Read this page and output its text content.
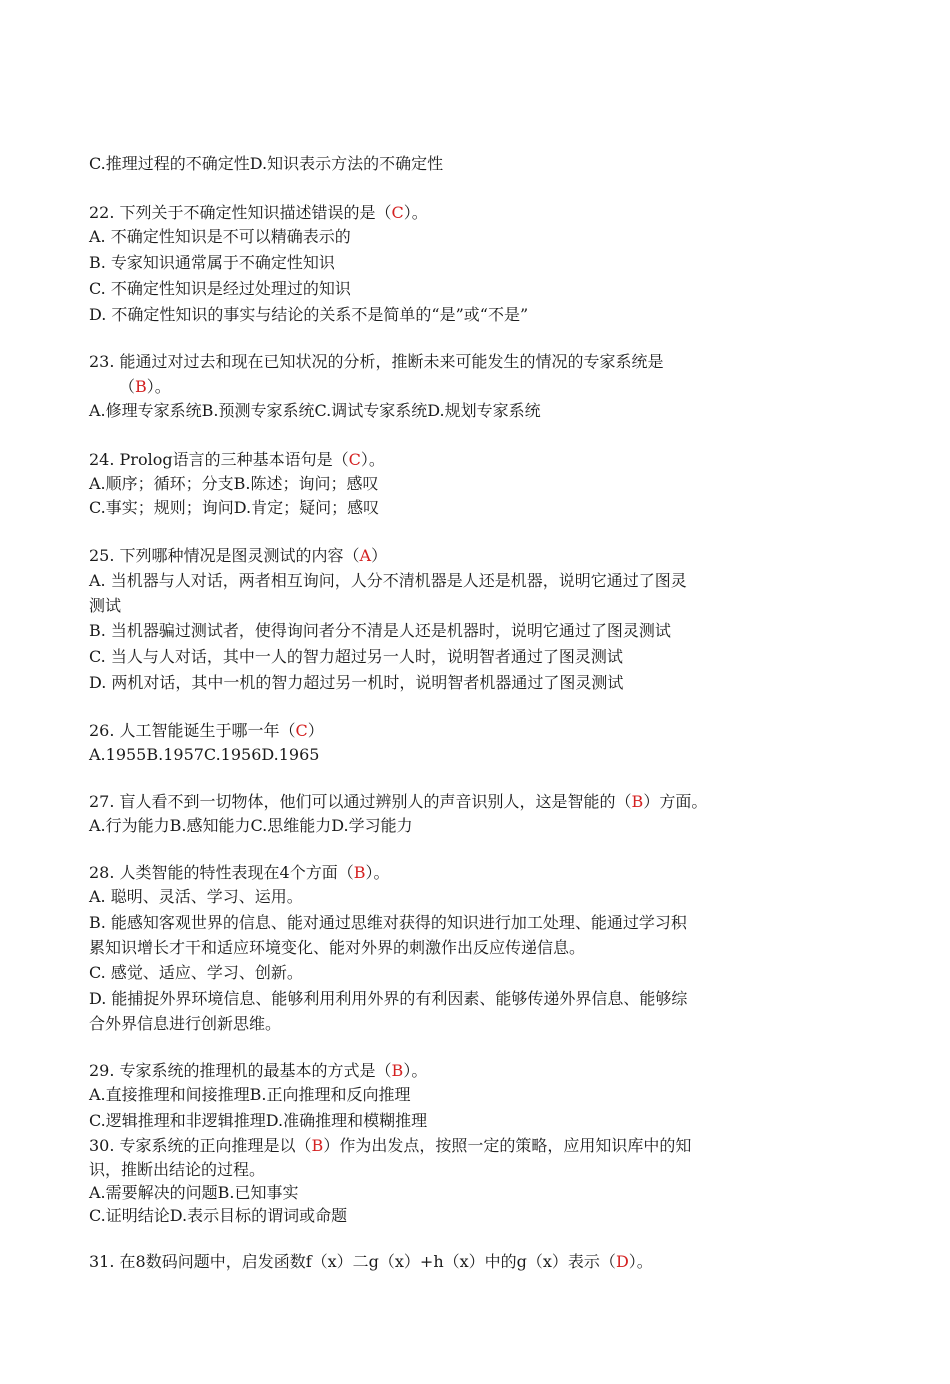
C.推理过程的不确定性D.知识表示方法的不确定性
22. 下列关于不确定性知识描述错误的是（C）。
A. 不确定性知识是不可以精确表示的
B. 专家知识通常属于不确定性知识
C. 不确定性知识是经过处理过的知识
D. 不确定性知识的事实与结论的关系不是简单的“是”或“不是”
23. 能通过对过去和现在已知状况的分析，推断未来可能发生的情况的专家系统是
（B）。
A.修理专家系统B.预测专家系统C.调试专家系统D.规划专家系统
24. Prolog语言的三种基本语句是（C）。
A.顺序；循环；分支B.陈述；询问；感叹
C.事实；规则；询问D.肯定；疑问；感叹
25. 下列哪种情况是图灵测试的内容（A）
A. 当机器与人对话，两者相互询问，人分不清机器是人还是机器，说明它通过了图灵
测试
B. 当机器骗过测试者，使得询问者分不清是人还是机器时，说明它通过了图灵测试
C. 当人与人对话，其中一人的智力超过另一人时，说明智者通过了图灵测试
D. 两机对话，其中一机的智力超过另一机时，说明智者机器通过了图灵测试
26. 人工智能诞生于哪一年（C）
A.1955B.1957C.1956D.1965
27. 盲人看不到一切物体，他们可以通过辨别人的声音识别人，这是智能的（B）方面。
A.行为能力B.感知能力C.思维能力D.学习能力
28. 人类智能的特性表现在4个方面（B）。
A. 聪明、灵活、学习、运用。
B. 能感知客观世界的信息、能对通过思维对获得的知识进行加工处理、能通过学习积
累知识增长才干和适应环境变化、能对外界的刺激作出反应传递信息。
C. 感觉、适应、学习、创新。
D. 能捕捉外界环境信息、能够利用利用外界的有利因素、能够传递外界信息、能够综
合外界信息进行创新思维。
29. 专家系统的推理机的最基本的方式是（B）。
A.直接推理和间接推理B.正向推理和反向推理
C.逻辑推理和非逻辑推理D.准确推理和模糊推理
30. 专家系统的正向推理是以（B）作为出发点，按照一定的策略，应用知识库中的知
识，推断出结论的过程。
A.需要解决的问题B.已知事实
C.证明结论D.表示目标的谓词或命题
31. 在8数码问题中，启发函数f（x）二g（x）+h（x）中的g（x）表示（D）。
